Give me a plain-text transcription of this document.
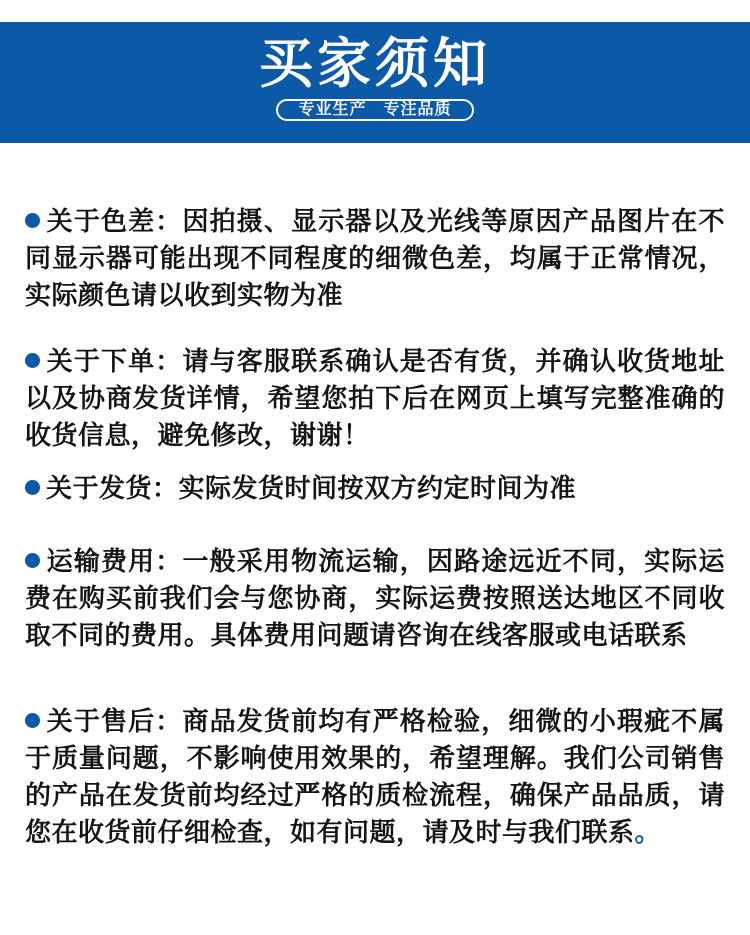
买家须知
专业生产　专注品质

关于色差：因拍摄、显示器以及光线等原因产品图片在不同显示器可能出现不同程度的细微色差，均属于正常情况，实际颜色请以收到实物为准

关于下单：请与客服联系确认是否有货，并确认收货地址以及协商发货详情，希望您拍下后在网页上填写完整准确的收货信息，避免修改，谢谢！

关于发货：实际发货时间按双方约定时间为准

运输费用：一般采用物流运输，因路途远近不同，实际运费在购买前我们会与您协商，实际运费按照送达地区不同收取不同的费用。具体费用问题请咨询在线客服或电话联系

关于售后：商品发货前均有严格检验，细微的小瑕疵不属于质量问题，不影响使用效果的，希望理解。我们公司销售的产品在发货前均经过严格的质检流程，确保产品品质，请您在收货前仔细检查，如有问题，请及时与我们联系。
